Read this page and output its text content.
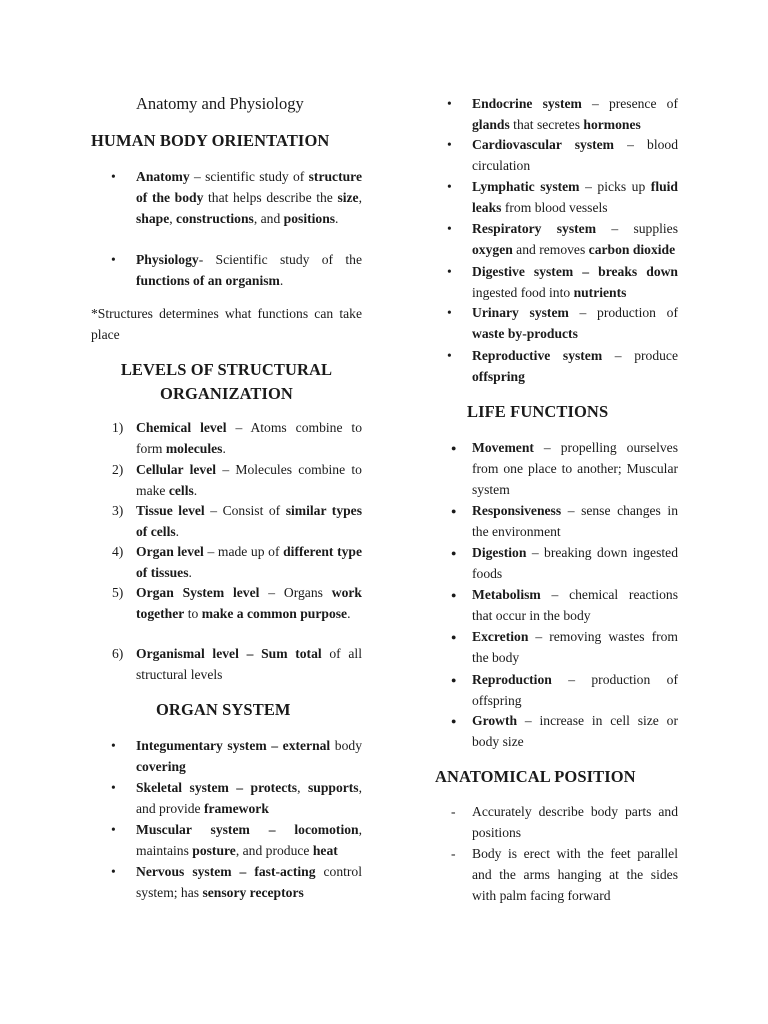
Anatomy and Physiology
HUMAN BODY ORIENTATION
• Anatomy – scientific study of structure of the body that helps describe the size, shape, constructions, and positions.
• Physiology- Scientific study of the functions of an organism.
*Structures determines what functions can take place
LEVELS OF STRUCTURAL
ORGANIZATION
1) Chemical level – Atoms combine to form molecules.
2) Cellular level – Molecules combine to make cells.
3) Tissue level – Consist of similar types of cells.
4) Organ level – made up of different type of tissues.
5) Organ System level – Organs work together to make a common purpose.
6) Organismal level – Sum total of all structural levels
ORGAN SYSTEM
• Integumentary system – external body covering
• Skeletal system – protects, supports, and provide framework
• Muscular system – locomotion, maintains posture, and produce heat
• Nervous system – fast-acting control system; has sensory receptors
• Endocrine system – presence of glands that secretes hormones
• Cardiovascular system – blood circulation
• Lymphatic system – picks up fluid leaks from blood vessels
• Respiratory system – supplies oxygen and removes carbon dioxide
• Digestive system – breaks down ingested food into nutrients
• Urinary system – production of waste by-products
• Reproductive system – produce offspring
LIFE FUNCTIONS
● Movement – propelling ourselves from one place to another; Muscular system
● Responsiveness – sense changes in the environment
● Digestion – breaking down ingested foods
● Metabolism – chemical reactions that occur in the body
● Excretion – removing wastes from the body
● Reproduction – production of offspring
● Growth – increase in cell size or body size
ANATOMICAL POSITION
- Accurately describe body parts and positions
- Body is erect with the feet parallel and the arms hanging at the sides with palm facing forward
